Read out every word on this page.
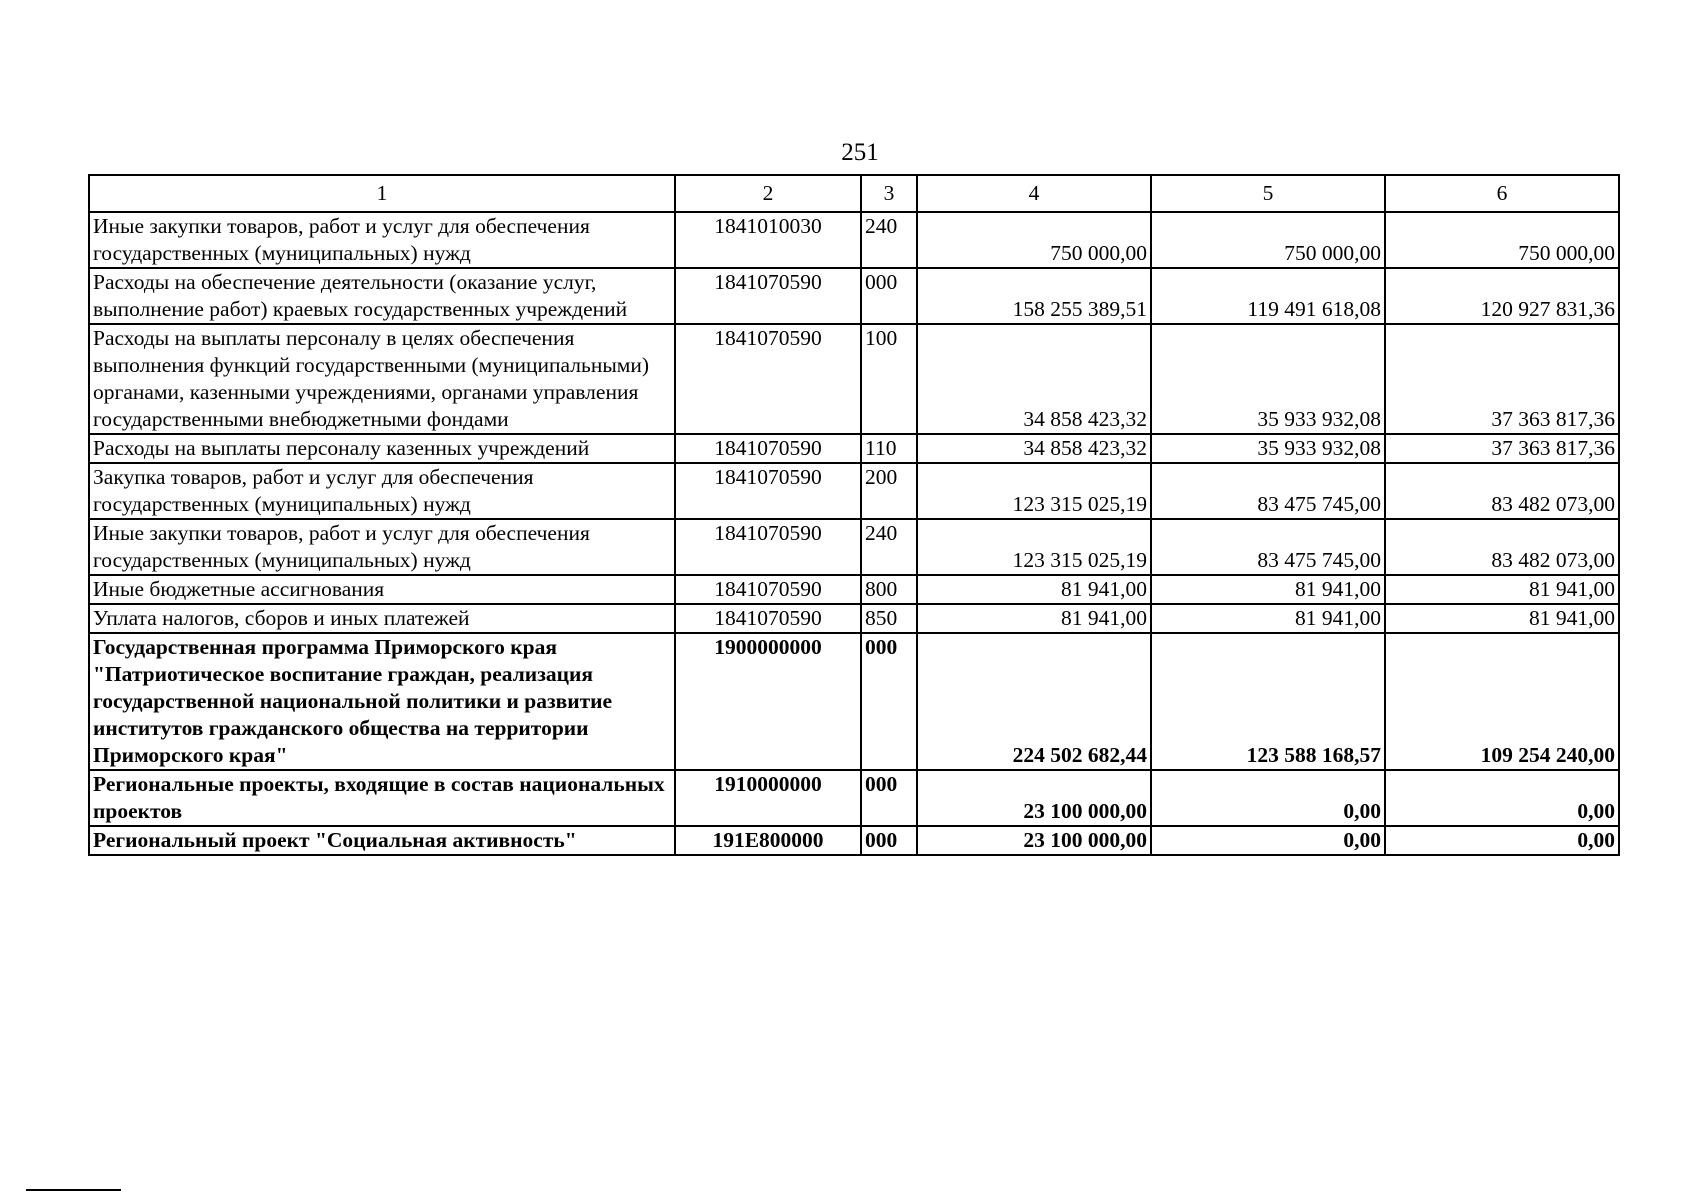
251
1	2	3	4	5	6
Иные закупки товаров, работ и услуг для обеспечения государственных (муниципальных) нужд	1841010030	240	750 000,00	750 000,00	750 000,00
Расходы на обеспечение деятельности (оказание услуг, выполнение работ) краевых государственных учреждений	1841070590	000	158 255 389,51	119 491 618,08	120 927 831,36
Расходы на выплаты персоналу в целях обеспечения выполнения функций государственными (муниципальными) органами, казенными учреждениями, органами управления государственными внебюджетными фондами	1841070590	100	34 858 423,32	35 933 932,08	37 363 817,36
Расходы на выплаты персоналу казенных учреждений	1841070590	110	34 858 423,32	35 933 932,08	37 363 817,36
Закупка товаров, работ и услуг для обеспечения государственных (муниципальных) нужд	1841070590	200	123 315 025,19	83 475 745,00	83 482 073,00
Иные закупки товаров, работ и услуг для обеспечения государственных (муниципальных) нужд	1841070590	240	123 315 025,19	83 475 745,00	83 482 073,00
Иные бюджетные ассигнования	1841070590	800	81 941,00	81 941,00	81 941,00
Уплата налогов, сборов и иных платежей	1841070590	850	81 941,00	81 941,00	81 941,00
Государственная программа Приморского края "Патриотическое воспитание граждан, реализация государственной национальной политики и развитие институтов гражданского общества на территории Приморского края"	1900000000	000	224 502 682,44	123 588 168,57	109 254 240,00
Региональные проекты, входящие в состав национальных проектов	1910000000	000	23 100 000,00	0,00	0,00
Региональный проект "Социальная активность"	191E800000	000	23 100 000,00	0,00	0,00
